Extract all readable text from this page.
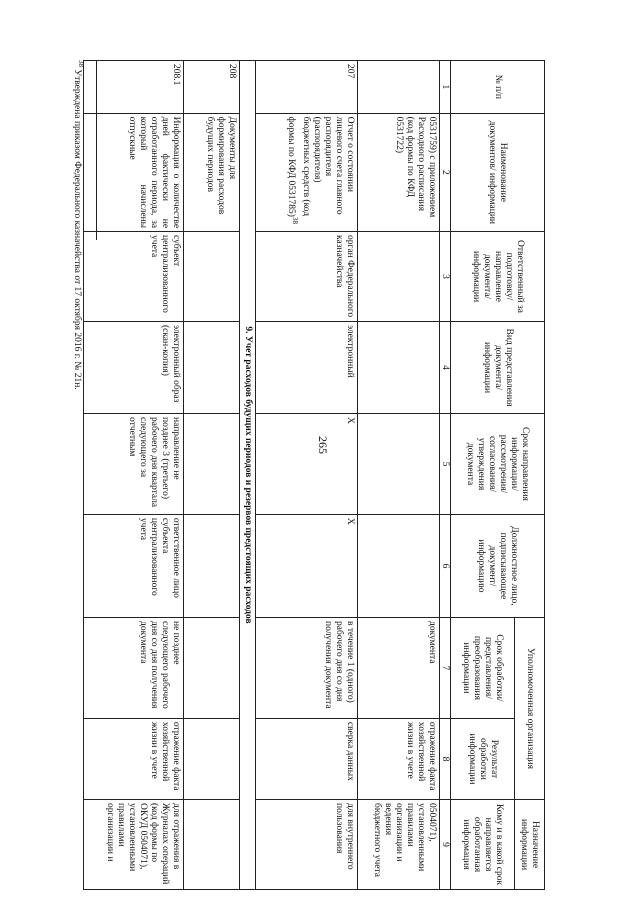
265
№ п/п	Наименование документов/ информации	Ответственный за подготовку/ направление документа/ информации	Вид представления документа/ информации	Срок направления информации/ рассмотрения/ согласования/ утверждения документа	Должностное лицо, подписывающее документ/ информацию	Уполномоченная организация		Назначение информации
						Срок обработки/ представления/ преобразования информации	Результат обработки информации	Кому и в какой срок направляется обработанная информация
1	2	3	4	5	6	7	8	9
	0531759) с приложением Расходного расписания (код формы по КФД 0531722)					документа	отражение факта хозяйственной жизни в учете	0504071), установленными правилами организации и ведения бюджетного учета
207	Отчет о состоянии лицевого счета главного распорядителя (распорядителя) бюджетных средств (код формы по КФД 0531785)$^{38}$	орган Федерального казначейства	электронный	Х	Х	в течение 1 (одного) рабочего дня со дня получения документа	сверка данных	для внутреннего пользования
9. Учет расходов будущих периодов и резервов предстоящих расходов								
208	Документы для формирования расходов будущих периодов							
208.1	Информация о количестве дней фактически не отработанного периода, за который начислены отпускные	субъект централизованного учета	электронный образ (скан-копия)	направление не позднее 3 (третьего) рабочего дня квартала следующего за отчетным	ответственное лицо субъекта централизованного учета	не позднее следующего рабочего дня со дня получения документа	отражение факта хозяйственной жизни в учете	для отражения в Журналах операций (код формы по ОКУД 0504071), установленными правилами организации и
$^{38}$ Утверждена приказом Федерального казначейства от 17 октября 2016 г. № 21н.
